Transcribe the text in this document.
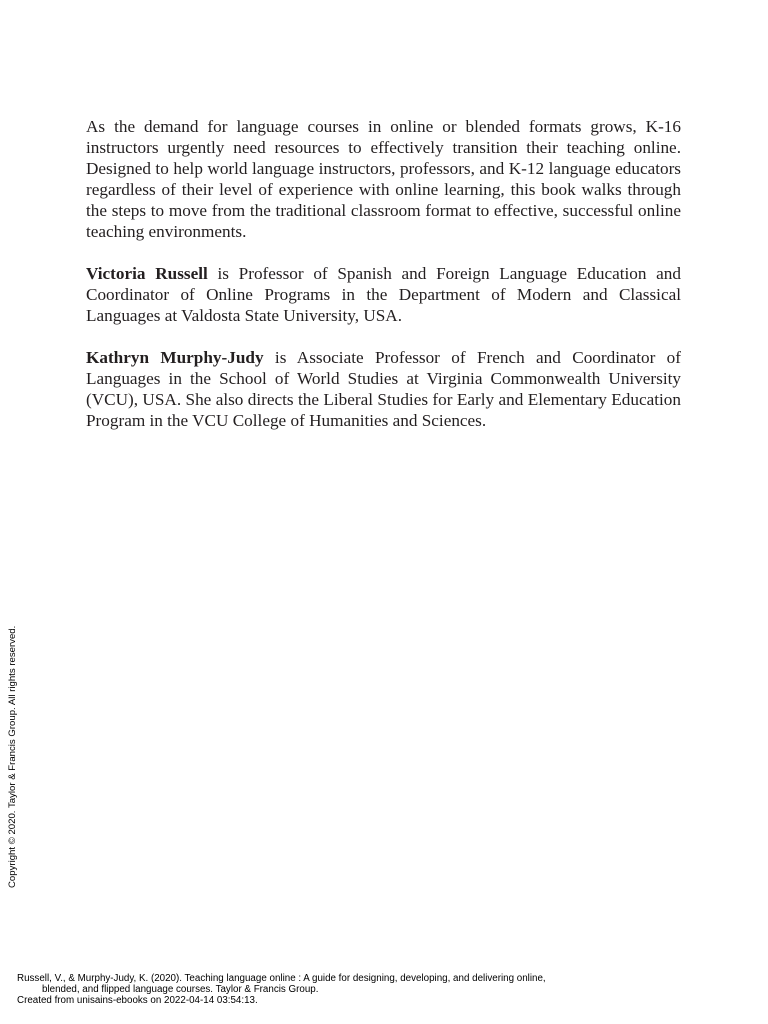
As the demand for language courses in online or blended formats grows, K-16 instructors urgently need resources to effectively transition their teaching online. Designed to help world language instructors, professors, and K-12 language educators regardless of their level of experience with online learning, this book walks through the steps to move from the traditional classroom format to effective, successful online teaching environments.

Victoria Russell is Professor of Spanish and Foreign Language Education and Coordinator of Online Programs in the Department of Modern and Classical Languages at Valdosta State University, USA.

Kathryn Murphy-Judy is Associate Professor of French and Coordinator of Languages in the School of World Studies at Virginia Commonwealth University (VCU), USA. She also directs the Liberal Studies for Early and Elementary Education Program in the VCU College of Humanities and Sciences.

Copyright © 2020. Taylor & Francis Group. All rights reserved.
Russell, V., & Murphy-Judy, K. (2020). Teaching language online : A guide for designing, developing, and delivering online,
blended, and flipped language courses. Taylor & Francis Group.
Created from unisains-ebooks on 2022-04-14 03:54:13.
